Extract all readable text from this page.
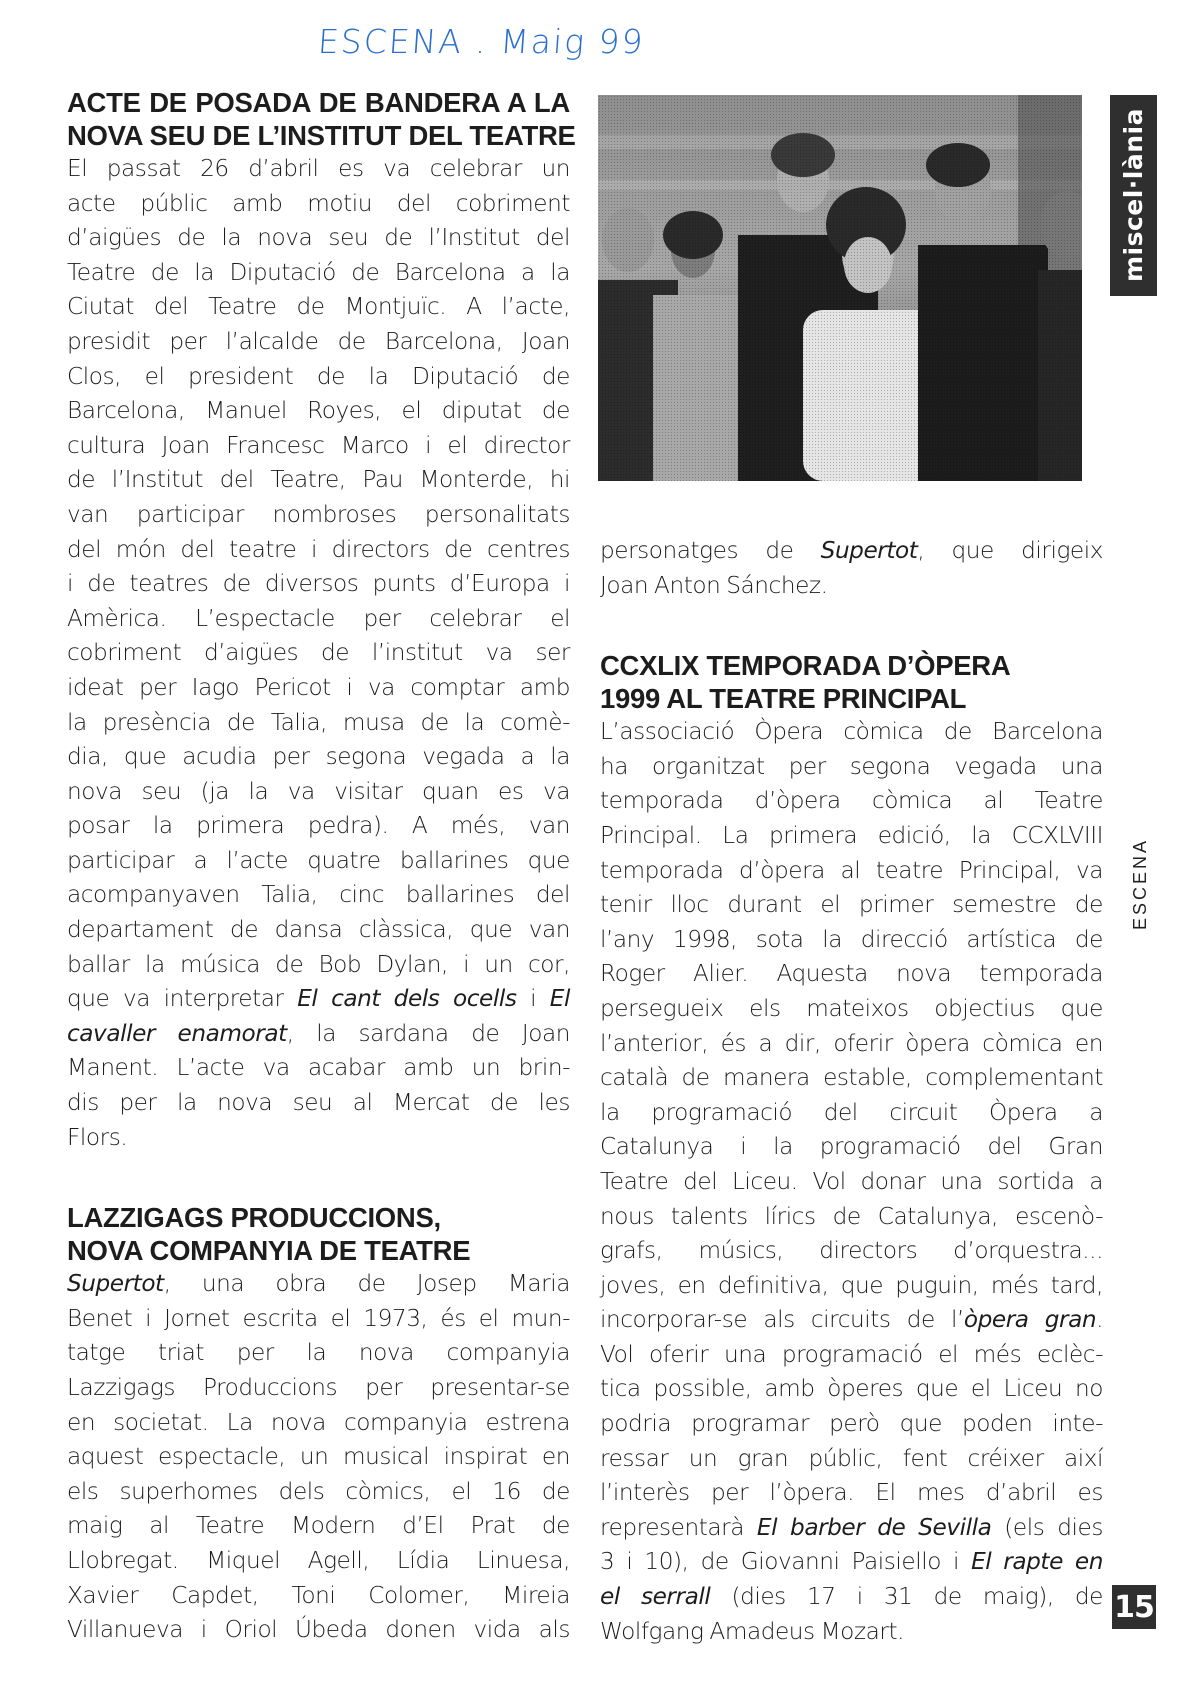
ESCENA . Maig 99
ACTE DE POSADA DE BANDERA A LA
NOVA SEU DE L’INSTITUT DEL TEATRE
El passat 26 d’abril es va celebrar un
acte públic amb motiu del cobriment
d’aigües de la nova seu de l’Institut del
Teatre de la Diputació de Barcelona a la
Ciutat del Teatre de Montjuïc. A l’acte,
presidit per l’alcalde de Barcelona, Joan
Clos, el president de la Diputació de
Barcelona, Manuel Royes, el diputat de
cultura Joan Francesc Marco i el director
de l’Institut del Teatre, Pau Monterde, hi
van participar nombroses personalitats
del món del teatre i directors de centres
i de teatres de diversos punts d’Europa i
Amèrica. L’espectacle per celebrar el
cobriment d’aigües de l’institut va ser
ideat per Iago Pericot i va comptar amb
la presència de Talia, musa de la comè-
dia, que acudia per segona vegada a la
nova seu (ja la va visitar quan es va
posar la primera pedra). A més, van
participar a l’acte quatre ballarines que
acompanyaven Talia, cinc ballarines del
departament de dansa clàssica, que van
ballar la música de Bob Dylan, i un cor,
que va interpretar El cant dels ocells i El
cavaller enamorat, la sardana de Joan
Manent. L’acte va acabar amb un brin-
dis per la nova seu al Mercat de les
Flors.
LAZZIGAGS PRODUCCIONS,
NOVA COMPANYIA DE TEATRE
Supertot, una obra de Josep Maria
Benet i Jornet escrita el 1973, és el mun-
tatge triat per la nova companyia
Lazzigags Produccions per presentar-se
en societat. La nova companyia estrena
aquest espectacle, un musical inspirat en
els superhomes dels còmics, el 16 de
maig al Teatre Modern d’El Prat de
Llobregat. Miquel Agell, Lídia Linuesa,
Xavier Capdet, Toni Colomer, Mireia
Villanueva i Oriol Úbeda donen vida als
miscel·lània
personatges de Supertot, que dirigeix
Joan Anton Sánchez.
CCXLIX TEMPORADA D’ÒPERA
1999 AL TEATRE PRINCIPAL
L’associació Òpera còmica de Barcelona
ha organitzat per segona vegada una
temporada d’òpera còmica al Teatre
Principal. La primera edició, la CCXLVIII
temporada d’òpera al teatre Principal, va
tenir lloc durant el primer semestre de
l’any 1998, sota la direcció artística de
Roger Alier. Aquesta nova temporada
persegueix els mateixos objectius que
l’anterior, és a dir, oferir òpera còmica en
català de manera estable, complementant
la programació del circuit Òpera a
Catalunya i la programació del Gran
Teatre del Liceu. Vol donar una sortida a
nous talents lírics de Catalunya, escenò-
grafs, músics, directors d’orquestra...
joves, en definitiva, que puguin, més tard,
incorporar-se als circuits de l’òpera gran.
Vol oferir una programació el més eclèc-
tica possible, amb òperes que el Liceu no
podria programar però que poden inte-
ressar un gran públic, fent créixer així
l’interès per l’òpera. El mes d’abril es
representarà El barber de Sevilla (els dies
3 i 10), de Giovanni Paisiello i El rapte en
el serrall (dies 17 i 31 de maig), de
Wolfgang Amadeus Mozart.
ESCENA
15
